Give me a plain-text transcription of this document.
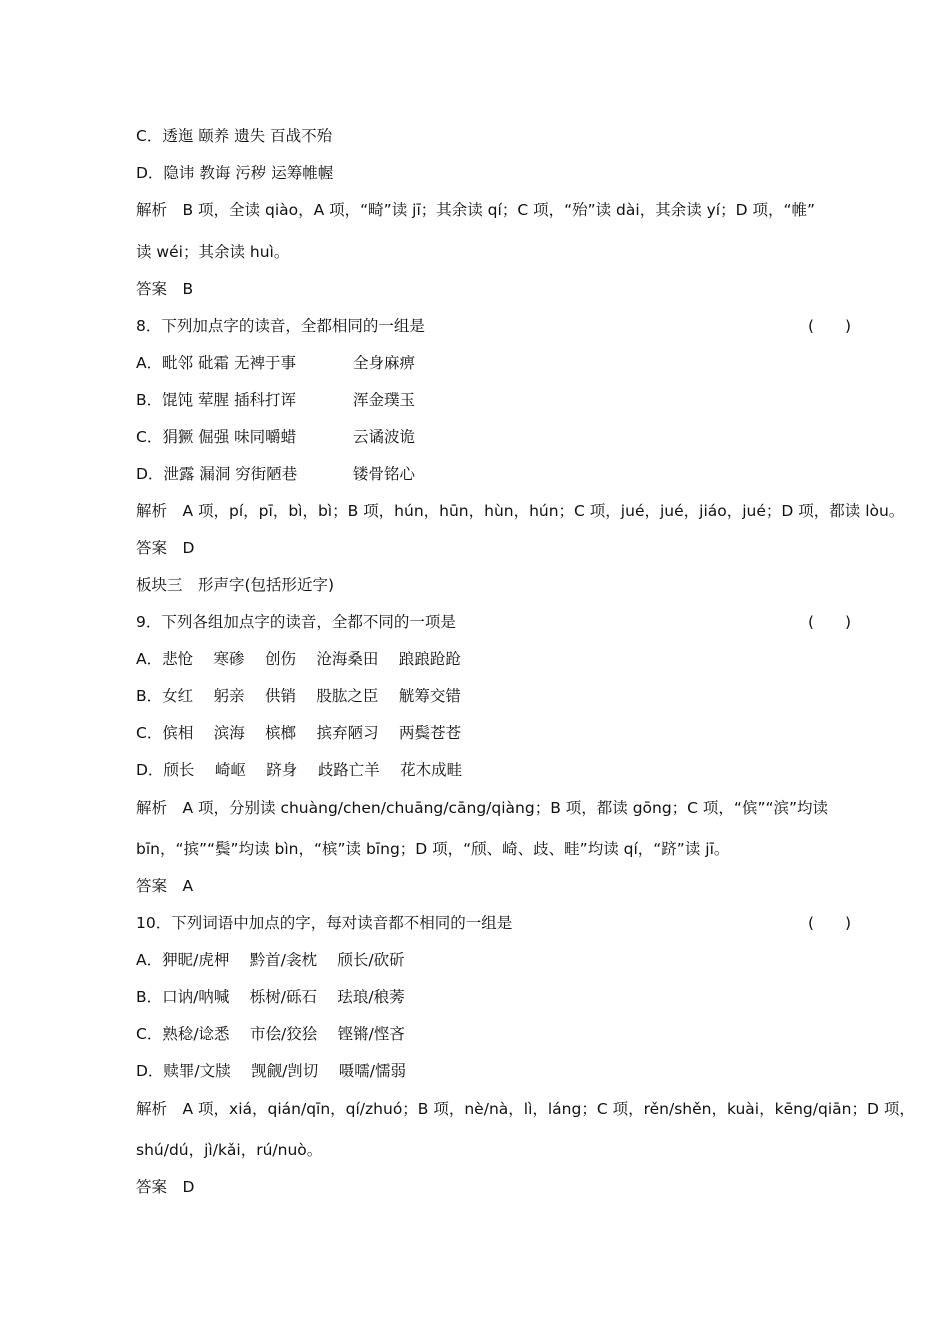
C．透迤 颐养 遗失 百战不殆
D．隐讳 教诲 污秽 运筹帷幄
解析　B 项，全读 qiào，A 项，“畸”读 jī；其余读 qí；C 项，“殆”读 dài，其余读 yí；D 项，“帷”
读 wéi；其余读 huì。
答案　B
8．下列加点字的读音，全都相同的一组是	(　　)
A．毗邻 砒霜 无裨于事	全身麻痹
B．馄饨 荤腥 插科打诨	浑金璞玉
C．狷獗 倔强 味同嚼蜡	云谲波诡
D．泄露 漏洞 穷街陋巷	镂骨铭心
解析　A 项，pí，pī，bì，bì；B 项，hún，hūn，hùn，hún；C 项，jué，jué，jiáo，jué；D 项，都读 lòu。
答案　D
板块三　形声字(包括形近字)
9．下列各组加点字的读音，全都不同的一项是	(　　)
A．悲怆　 寒碜　 创伤　 沧海桑田　 踉踉跄跄
B．女红　 躬亲　 供销　 股肱之臣　 觥筹交错
C．傧相　 滨海　 槟榔　 摈弃陋习　 两鬓苍苍
D．颀长　 崎岖　 跻身　 歧路亡羊　 花木成畦
解析　A 项，分别读 chuàng/chen/chuāng/cāng/qiàng；B 项，都读 gōng；C 项，“傧”“滨”均读
bīn，“摈”“鬓”均读 bìn，“槟”读 bīng；D 项，“颀、崎、歧、畦”均读 qí，“跻”读 jī。
答案　A
10．下列词语中加点的字，每对读音都不相同的一组是	(　　)
A．狎昵/虎柙　 黔首/衾枕　 颀长/砍斫
B．口讷/呐喊　 栎树/砾石　 珐琅/稂莠
C．熟稔/谂悉　 市侩/狡狯　 铿锵/悭吝
D．赎罪/文牍　 觊觎/剀切　 嗫嚅/懦弱
解析　A 项，xiá，qián/qīn，qí/zhuó；B 项，nè/nà，lì，láng；C 项，rěn/shěn，kuài，kēng/qiān；D 项，
shú/dú，jì/kǎi，rú/nuò。
答案　D
